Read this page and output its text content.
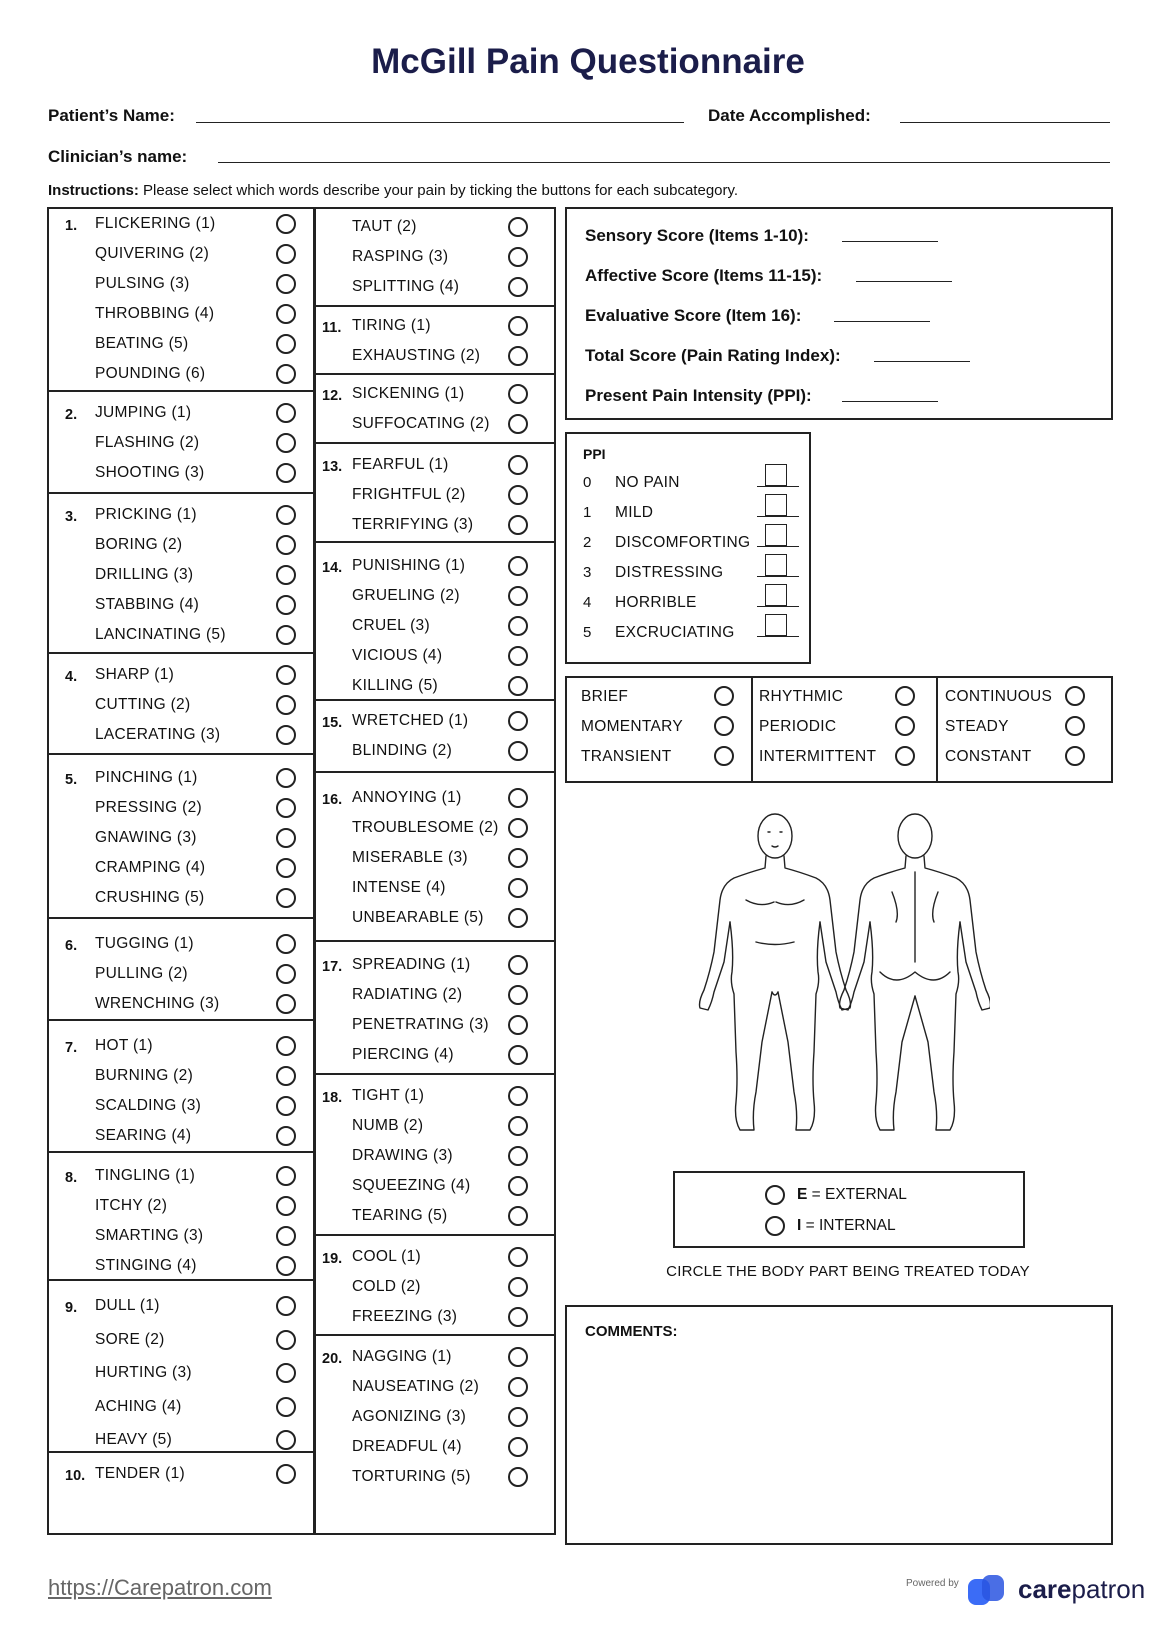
McGill Pain Questionnaire
Patient’s Name:	Date Accomplished:
Clinician’s name:
Instructions: Please select which words describe your pain by ticking the buttons for each subcategory.
1. FLICKERING (1)
QUIVERING (2)
PULSING (3)
THROBBING (4)
BEATING (5)
POUNDING (6)
2. JUMPING (1)
FLASHING (2)
SHOOTING (3)
3. PRICKING (1)
BORING (2)
DRILLING (3)
STABBING (4)
LANCINATING (5)
4. SHARP (1)
CUTTING (2)
LACERATING (3)
5. PINCHING (1)
PRESSING (2)
GNAWING (3)
CRAMPING (4)
CRUSHING (5)
6. TUGGING (1)
PULLING (2)
WRENCHING (3)
7. HOT (1)
BURNING (2)
SCALDING (3)
SEARING (4)
8. TINGLING (1)
ITCHY (2)
SMARTING (3)
STINGING (4)
9. DULL (1)
SORE (2)
HURTING (3)
ACHING (4)
HEAVY (5)
10. TENDER (1)
TAUT (2)
RASPING (3)
SPLITTING (4)
11. TIRING (1)
EXHAUSTING (2)
12. SICKENING (1)
SUFFOCATING (2)
13. FEARFUL (1)
FRIGHTFUL (2)
TERRIFYING (3)
14. PUNISHING (1)
GRUELING (2)
CRUEL (3)
VICIOUS (4)
KILLING (5)
15. WRETCHED (1)
BLINDING (2)
16. ANNOYING (1)
TROUBLESOME (2)
MISERABLE (3)
INTENSE (4)
UNBEARABLE (5)
17. SPREADING (1)
RADIATING (2)
PENETRATING (3)
PIERCING (4)
18. TIGHT (1)
NUMB (2)
DRAWING (3)
SQUEEZING (4)
TEARING (5)
19. COOL (1)
COLD (2)
FREEZING (3)
20. NAGGING (1)
NAUSEATING (2)
AGONIZING (3)
DREADFUL (4)
TORTURING (5)
Sensory Score (Items 1-10):
Affective Score (Items 11-15):
Evaluative Score (Item 16):
Total Score (Pain Rating Index):
Present Pain Intensity (PPI):
PPI
0 NO PAIN
1 MILD
2 DISCOMFORTING
3 DISTRESSING
4 HORRIBLE
5 EXCRUCIATING
BRIEF
MOMENTARY
TRANSIENT
RHYTHMIC
PERIODIC
INTERMITTENT
CONTINUOUS
STEADY
CONSTANT
E = EXTERNAL
I = INTERNAL
CIRCLE THE BODY PART BEING TREATED TODAY
COMMENTS:
https://Carepatron.com	Powered by carepatron
